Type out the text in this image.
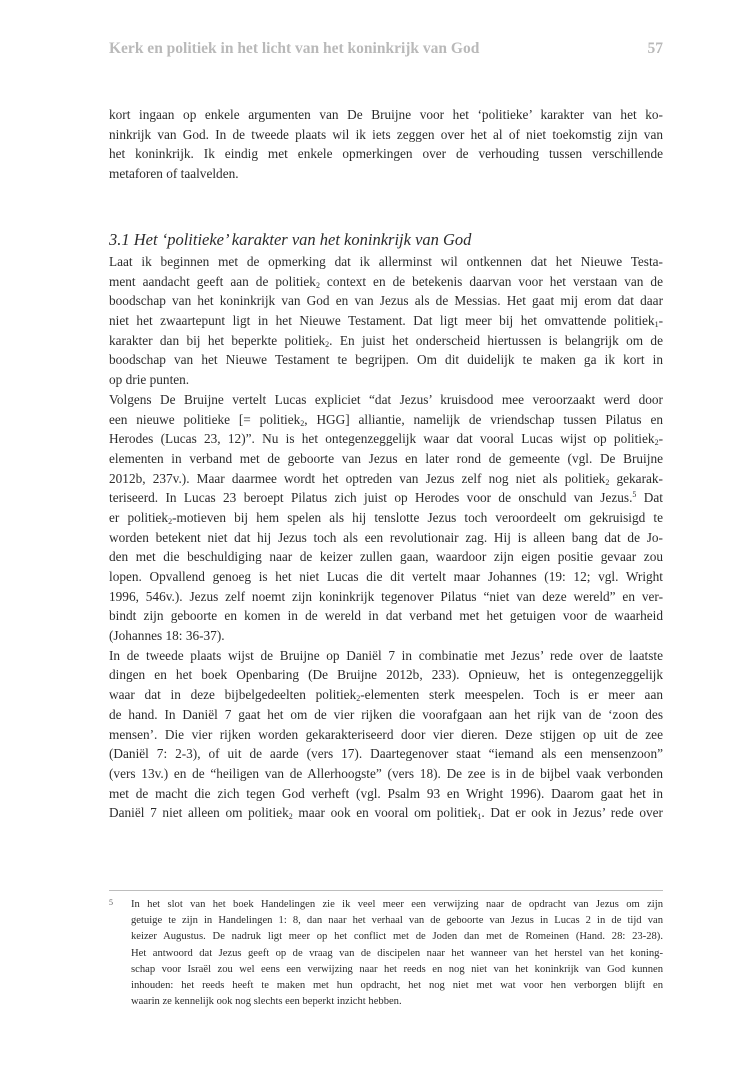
Kerk en politiek in het licht van het koninkrijk van God	57
kort ingaan op enkele argumenten van De Bruijne voor het ‘politieke’ karakter van het ko-
ninkrijk van God. In de tweede plaats wil ik iets zeggen over het al of niet toekomstig zijn van
het koninkrijk. Ik eindig met enkele opmerkingen over de verhouding tussen verschillende
metaforen of taalvelden.
3.1 Het ‘politieke’ karakter van het koninkrijk van God
Laat ik beginnen met de opmerking dat ik allerminst wil ontkennen dat het Nieuwe Testa-
ment aandacht geeft aan de politiek$_2$ context en de betekenis daarvan voor het verstaan van de
boodschap van het koninkrijk van God en van Jezus als de Messias. Het gaat mij erom dat daar
niet het zwaartepunt ligt in het Nieuwe Testament. Dat ligt meer bij het omvattende politiek$_1$-
karakter dan bij het beperkte politiek$_2$. En juist het onderscheid hiertussen is belangrijk om de
boodschap van het Nieuwe Testament te begrijpen. Om dit duidelijk te maken ga ik kort in
op drie punten.
Volgens De Bruijne vertelt Lucas expliciet “dat Jezus’ kruisdood mee veroorzaakt werd door
een nieuwe politieke [= politiek$_2$, HGG] alliantie, namelijk de vriendschap tussen Pilatus en
Herodes (Lucas 23, 12)”. Nu is het ontegenzeggelijk waar dat vooral Lucas wijst op politiek$_2$-
elementen in verband met de geboorte van Jezus en later rond de gemeente (vgl. De Bruijne
2012b, 237v.). Maar daarmee wordt het optreden van Jezus zelf nog niet als politiek$_2$ gekarak-
teriseerd. In Lucas 23 beroept Pilatus zich juist op Herodes voor de onschuld van Jezus.$^5$ Dat
er politiek$_2$-motieven bij hem spelen als hij tenslotte Jezus toch veroordeelt om gekruisigd te
worden betekent niet dat hij Jezus toch als een revolutionair zag. Hij is alleen bang dat de Jo-
den met die beschuldiging naar de keizer zullen gaan, waardoor zijn eigen positie gevaar zou
lopen. Opvallend genoeg is het niet Lucas die dit vertelt maar Johannes (19: 12; vgl. Wright
1996, 546v.). Jezus zelf noemt zijn koninkrijk tegenover Pilatus “niet van deze wereld” en ver-
bindt zijn geboorte en komen in de wereld in dat verband met het getuigen voor de waarheid
(Johannes 18: 36-37).
In de tweede plaats wijst de Bruijne op Daniël 7 in combinatie met Jezus’ rede over de laatste
dingen en het boek Openbaring (De Bruijne 2012b, 233). Opnieuw, het is ontegenzeggelijk
waar dat in deze bijbelgedeelten politiek$_2$-elementen sterk meespelen. Toch is er meer aan
de hand. In Daniël 7 gaat het om de vier rijken die voorafgaan aan het rijk van de ‘zoon des
mensen’. Die vier rijken worden gekarakteriseerd door vier dieren. Deze stijgen op uit de zee
(Daniël 7: 2-3), of uit de aarde (vers 17). Daartegenover staat “iemand als een mensenzoon”
(vers 13v.) en de “heiligen van de Allerhoogste” (vers 18). De zee is in de bijbel vaak verbonden
met de macht die zich tegen God verheft (vgl. Psalm 93 en Wright 1996). Daarom gaat het in
Daniël 7 niet alleen om politiek$_2$ maar ook en vooral om politiek$_1$. Dat er ook in Jezus’ rede over
5 In het slot van het boek Handelingen zie ik veel meer een verwijzing naar de opdracht van Jezus om zijn
getuige te zijn in Handelingen 1: 8, dan naar het verhaal van de geboorte van Jezus in Lucas 2 in de tijd van
keizer Augustus. De nadruk ligt meer op het conflict met de Joden dan met de Romeinen (Hand. 28: 23-28).
Het antwoord dat Jezus geeft op de vraag van de discipelen naar het wanneer van het herstel van het koning-
schap voor Israël zou wel eens een verwijzing naar het reeds en nog niet van het koninkrijk van God kunnen
inhouden: het reeds heeft te maken met hun opdracht, het nog niet met wat voor hen verborgen blijft en
waarin ze kennelijk ook nog slechts een beperkt inzicht hebben.
